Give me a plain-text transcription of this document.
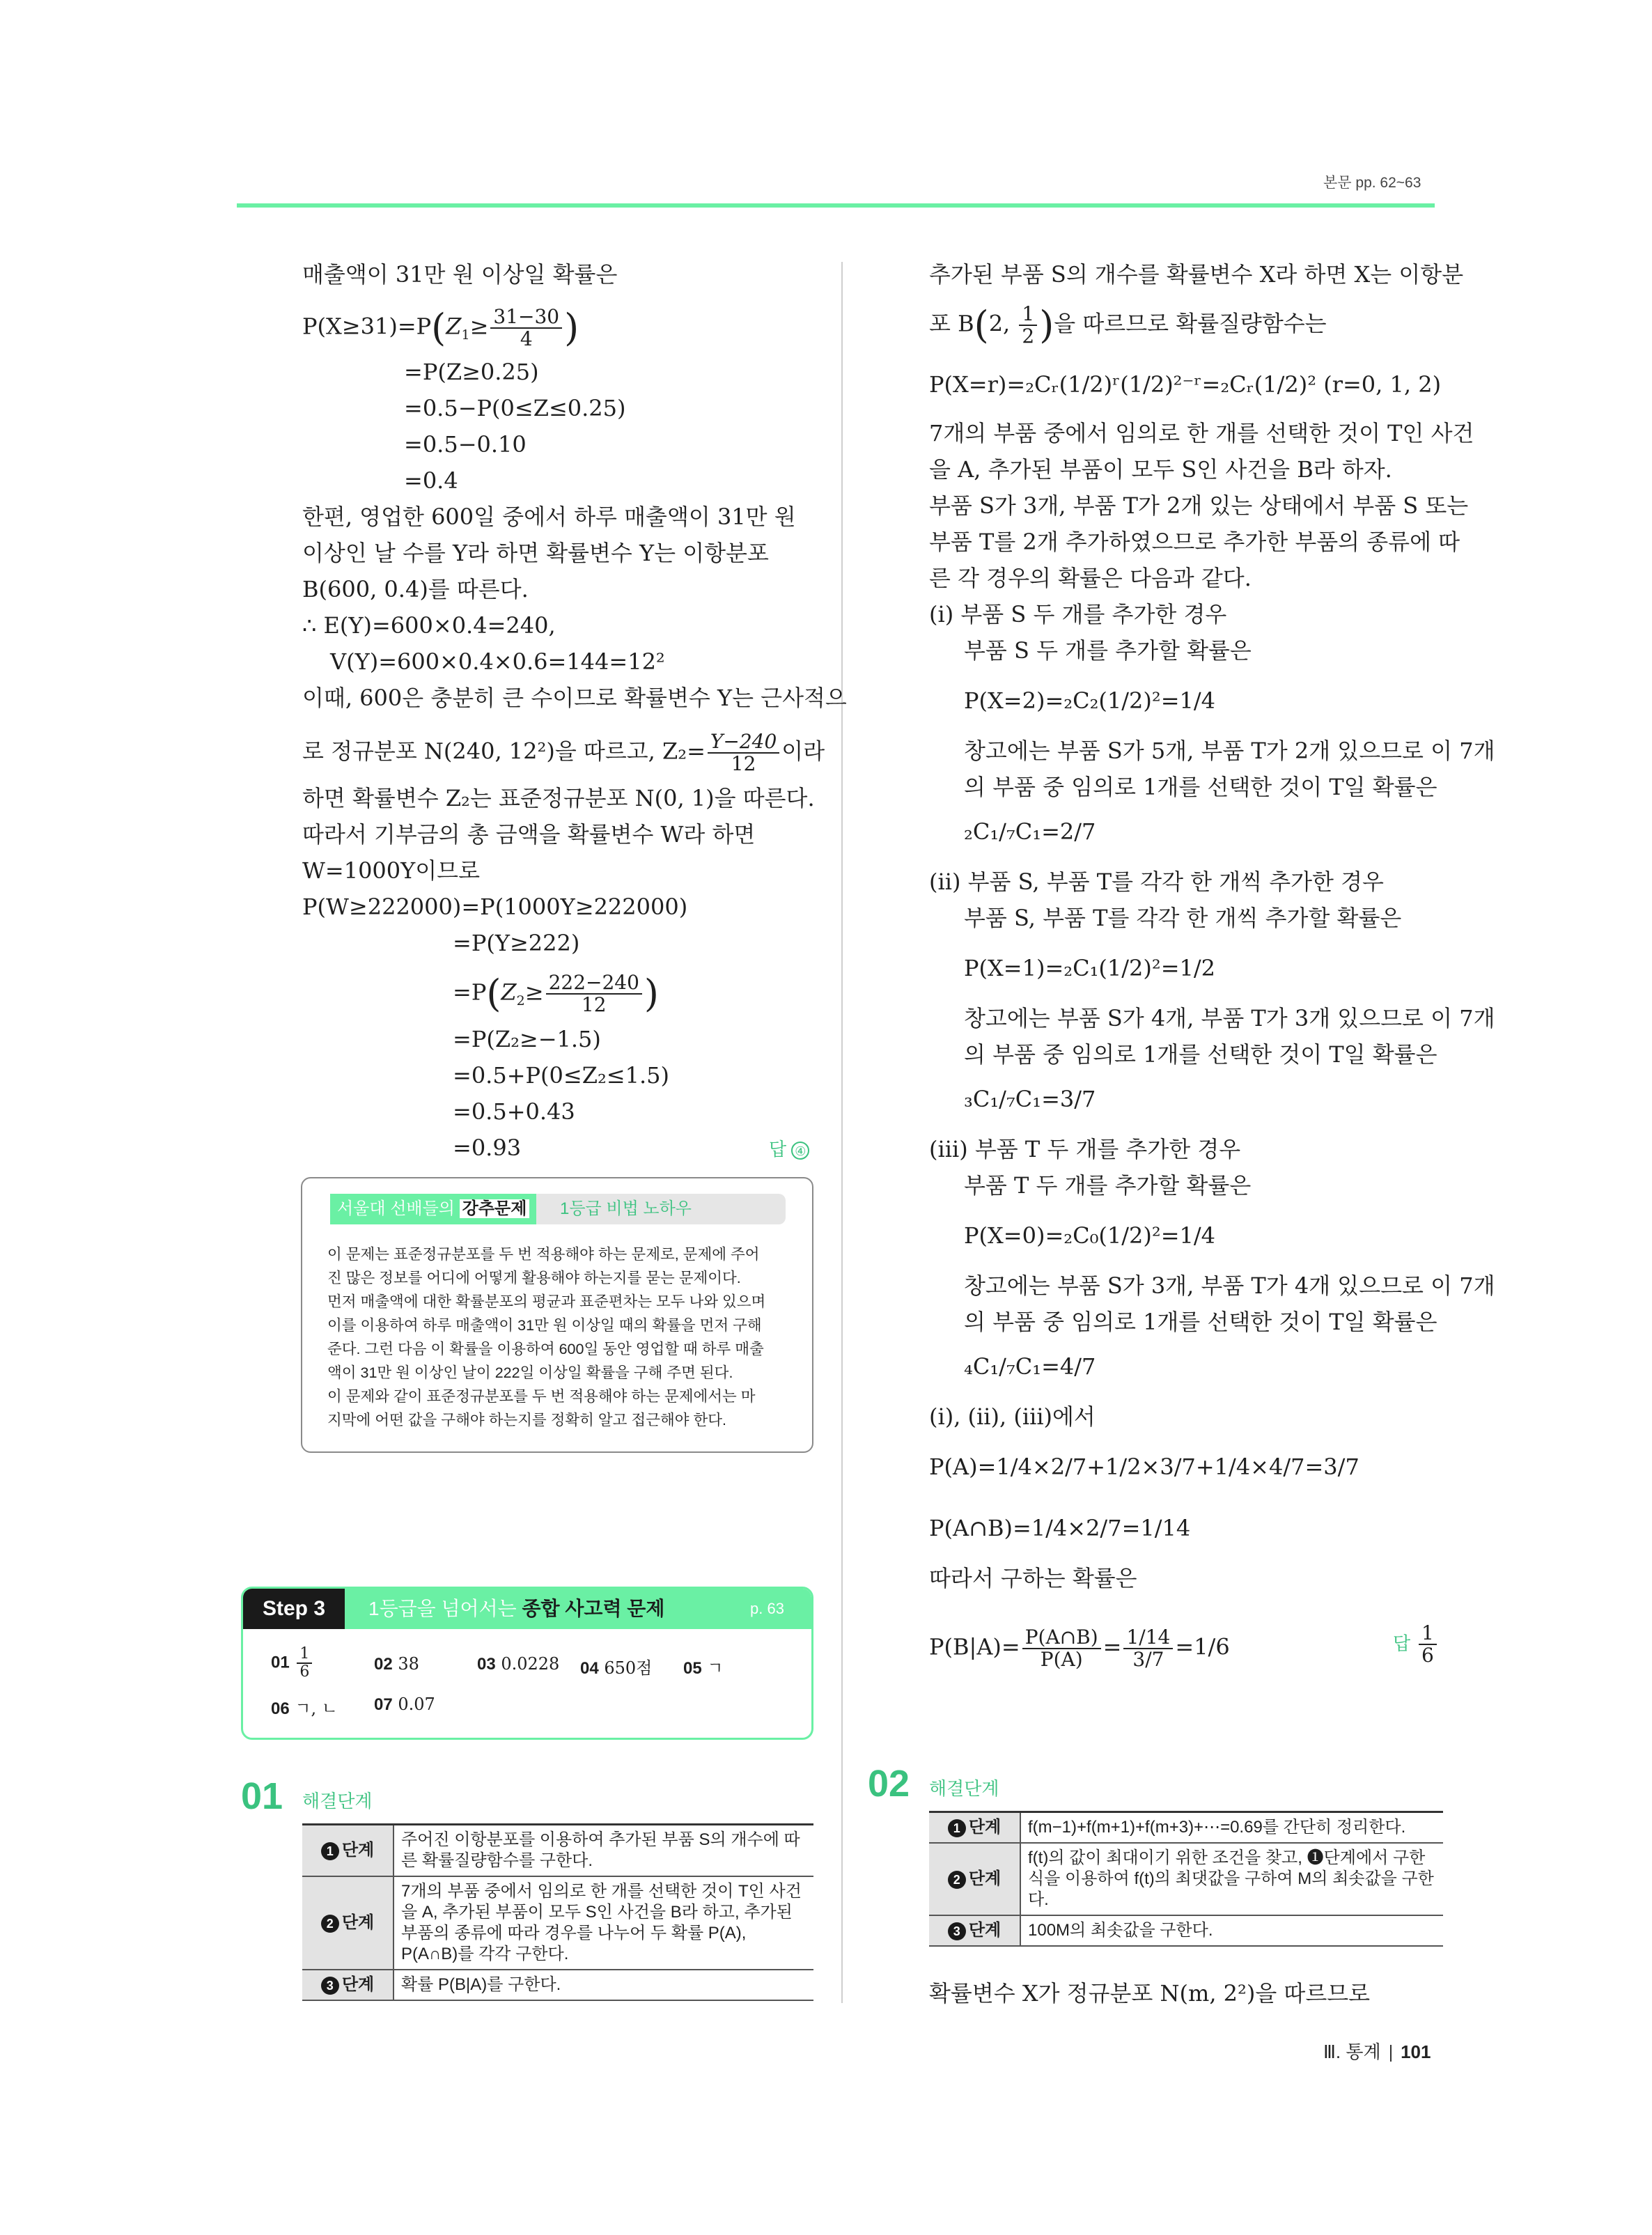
본문 pp. 62~63
매출액이 31만 원 이상일 확률은
$P(X\ge 31)=P(Z_1\ge \frac{31-30}{4}$ )
=P(Z≥0.25)
=0.5−P(0≤Z≤0.25)
=0.5−0.10
=0.4
한편, 영업한 600일 중에서 하루 매출액이 31만 원 이상인 날 수를 Y라 하면 확률변수 Y는 이항분포 B(600, 0.4)를 따른다.
∴ E(Y)=600×0.4=240,
V(Y)=600×0.4×0.6=144=12²
이때, 600은 충분히 큰 수이므로 확률변수 Y는 근사적으
로 정규분포 N(240, 12²)을 따르고, $Z_2= \frac{Y-240}{12}$ 이라
하면 확률변수 Z₂는 표준정규분포 N(0, 1)을 따른다.
따라서 기부금의 총 금액을 확률변수 W라 하면
W=1000Y이므로
P(W≥222000)=P(1000Y≥222000)
=P(Y≥222)
$=P(Z_2\ge \frac{222-240}{12}$ )
=P(Z₂≥−1.5)
=0.5+P(0≤Z₂≤1.5)
=0.5+0.43
=0.93	답 ④
서울대 선배들의 강추문제	1등급 비법 노하우
이 문제는 표준정규분포를 두 번 적용해야 하는 문제로, 문제에 주어
진 많은 정보를 어디에 어떻게 활용해야 하는지를 묻는 문제이다.
먼저 매출액에 대한 확률분포의 평균과 표준편차는 모두 나와 있으며
이를 이용하여 하루 매출액이 31만 원 이상일 때의 확률을 먼저 구해
준다. 그런 다음 이 확률을 이용하여 600일 동안 영업할 때 하루 매출
액이 31만 원 이상인 날이 222일 이상일 확률을 구해 주면 된다.
이 문제와 같이 표준정규분포를 두 번 적용해야 하는 문제에서는 마
지막에 어떤 값을 구해야 하는지를 정확히 알고 접근해야 한다.
Step 3	1등급을 넘어서는 종합 사고력 문제	p. 63
$01 \frac{1}{6}$	02 38	03 0.0228 04 650점 05 ㄱ
06 ㄱ, ㄴ 07 0.07
01 해결단계
1 단계	주어진 이항분포를 이용하여 추가된 부품 S의 개수에 따른 확률질량함수를 구한다.
2 단계	7개의 부품 중에서 임의로 한 개를 선택한 것이 T인 사건을 A, 추가된 부품이 모두 S인 사건을 B라 하고, 추가된 부품의 종류에 따라 경우를 나누어 두 확률 P(A), P(A∩B)를 각각 구한다.
3 단계	확률 P(B|A)를 구한다.
추가된 부품 S의 개수를 확률변수 X라 하면 X는 이항분
포 B(2, $\frac{1}{2}$ )을 따르므로 확률질량함수는
P(X=r)=₂Cᵣ(1/2)ʳ(1/2)²⁻ʳ=₂Cᵣ(1/2)² (r=0, 1, 2)
7개의 부품 중에서 임의로 한 개를 선택한 것이 T인 사건
을 A, 추가된 부품이 모두 S인 사건을 B라 하자.
부품 S가 3개, 부품 T가 2개 있는 상태에서 부품 S 또는
부품 T를 2개 추가하였으므로 추가한 부품의 종류에 따
른 각 경우의 확률은 다음과 같다.
(ⅰ) 부품 S 두 개를 추가한 경우
부품 S 두 개를 추가할 확률은
P(X=2)=₂C₂(1/2)²=1/4
창고에는 부품 S가 5개, 부품 T가 2개 있으므로 이 7개
의 부품 중 임의로 1개를 선택한 것이 T일 확률은
₂C₁/₇C₁=2/7
(ⅱ) 부품 S, 부품 T를 각각 한 개씩 추가한 경우
부품 S, 부품 T를 각각 한 개씩 추가할 확률은
P(X=1)=₂C₁(1/2)²=1/2
창고에는 부품 S가 4개, 부품 T가 3개 있으므로 이 7개
의 부품 중 임의로 1개를 선택한 것이 T일 확률은
₃C₁/₇C₁=3/7
(ⅲ) 부품 T 두 개를 추가한 경우
부품 T 두 개를 추가할 확률은
P(X=0)=₂C₀(1/2)²=1/4
창고에는 부품 S가 3개, 부품 T가 4개 있으므로 이 7개
의 부품 중 임의로 1개를 선택한 것이 T일 확률은
₄C₁/₇C₁=4/7
(ⅰ), (ⅱ), (ⅲ)에서
P(A)=1/4×2/7+1/2×3/7+1/4×4/7=3/7
P(A∩B)=1/4×2/7=1/14
따라서 구하는 확률은
$P(B|A)= \frac{P(A\cap B)}{P(A)} = \frac{1/14}{3/7} =1/6$	답 $\frac{1}{6}$
02 해결단계
1 단계	f(m−1)+f(m+1)+f(m+3)+⋯=0.69를 간단히 정리한다.
2 단계	f(t)의 값이 최대이기 위한 조건을 찾고, ❶단계에서 구한 식을 이용하여 f(t)의 최댓값을 구하여 M의 최솟값을 구한다.
3 단계	100M의 최솟값을 구한다.
확률변수 X가 정규분포 N(m, 2²)을 따르므로
Ⅲ. 통계 101
